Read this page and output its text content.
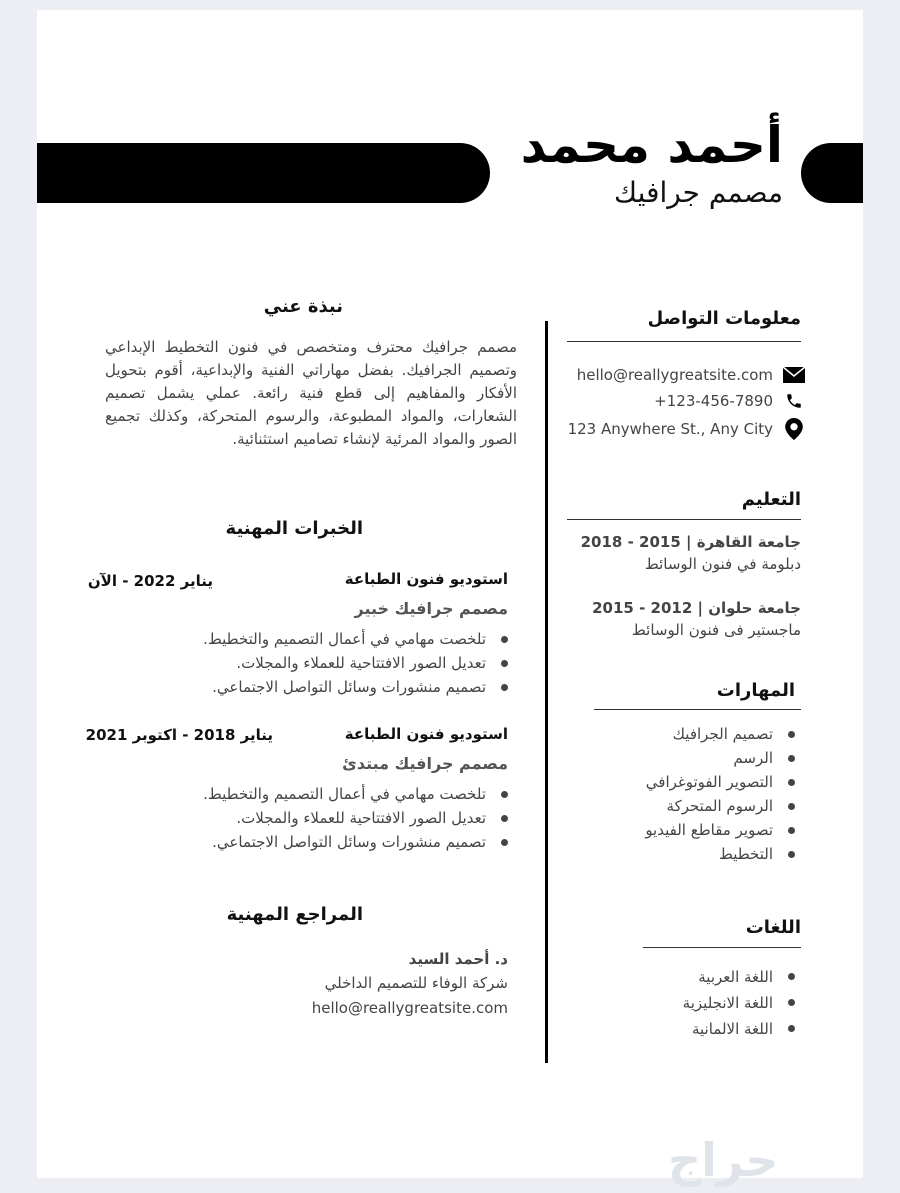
أحمد محمد
مصمم جرافيك
معلومات التواصل
hello@reallygreatsite.com
+123-456-7890
123 Anywhere St., Any City
التعليم
جامعة القاهرة | 2015 - 2018
دبلومة في فنون الوسائط
جامعة حلوان | 2012 - 2015
ماجستير فى فنون الوسائط
المهارات
تصميم الجرافيك
الرسم
التصوير الفوتوغرافي
الرسوم المتحركة
تصوير مقاطع الفيديو
التخطيط
اللغات
اللغة العربية
اللغة الانجليزية
اللغة الالمانية
نبذة عني

مصمم جرافيك محترف ومتخصص في فنون التخطيط الإبداعي وتصميم الجرافيك. بفضل مهاراتي الفنية والإبداعية، أقوم بتحويل الأفكار والمفاهيم إلى قطع فنية رائعة. عملي يشمل تصميم الشعارات، والمواد المطبوعة، والرسوم المتحركة، وكذلك تجميع الصور والمواد المرئية لإنشاء تصاميم استثنائية.

الخبرات المهنية
استوديو فنون الطباعة
يناير 2022 - الآن
مصمم جرافيك خبير
تلخصت مهامي في أعمال التصميم والتخطيط.
تعديل الصور الافتتاحية للعملاء والمجلات.
تصميم منشورات وسائل التواصل الاجتماعي.
استوديو فنون الطباعة
يناير 2018 - اكتوبر 2021
مصمم جرافيك مبتدئ
تلخصت مهامي في أعمال التصميم والتخطيط.
تعديل الصور الافتتاحية للعملاء والمجلات.
تصميم منشورات وسائل التواصل الاجتماعي.
المراجع المهنية
د. أحمد السيد
شركة الوفاء للتصميم الداخلي
hello@reallygreatsite.com
حراج
